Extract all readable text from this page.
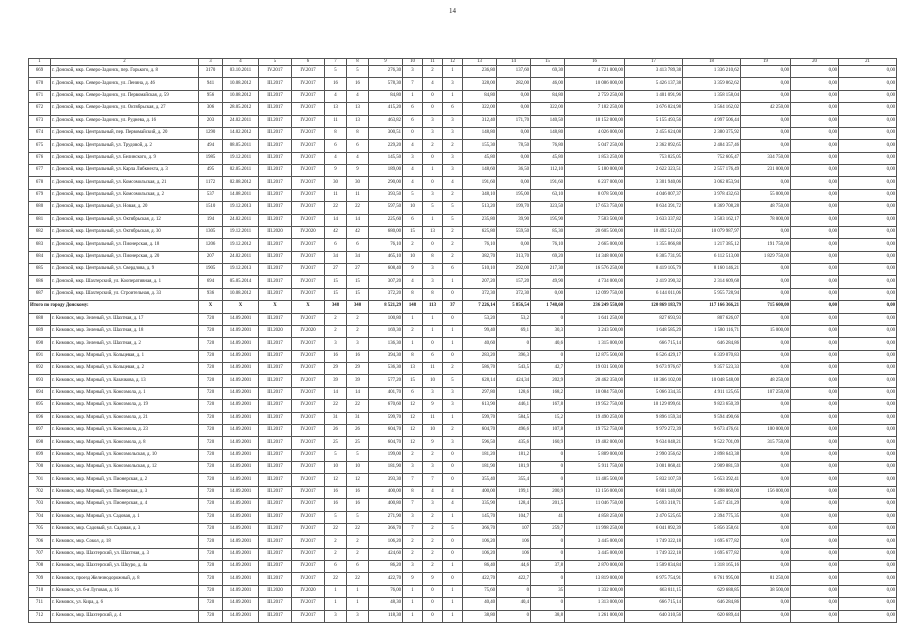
14
1	2	3	4	5	6	7	8	9	10	11	12	13	14	15	16	17	18	19	20	21
669	г. Донской, мкр. Северо-Задонск, пер. Горького, д. 8	3170	03.10.2011	IV.2017	IV.2017	5	5	276,30	3	2	1	236,80	137,60	69,30	4 721 000,00	3 413 789,38	1 336 210,62	0,00	0,00	0,00
670	г. Донской, мкр. Северо-Задонск, ул. Ленина, д. 46	941	10.08.2012	III.2017	IV.2017	16	16	578,30	7	4	3	328,00	282,00	46,00	10 086 000,00	5 426 137,38	3 359 862,62	0,00	0,00	0,00
671	г. Донской, мкр. Северо-Задонск, ул. Первомайская, д. 59	956	10.08.2012	III.2017	IV.2017	4	4	84,80	1	0	1	84,80	0,00	84,80	2 759 250,00	1 401 091,96	1 358 158,04	0,00	0,00	0,00
672	г. Донской, мкр. Северо-Задонск, ул. Октябрьская, д. 27	306	28.05.2012	III.2017	IV.2017	13	13	415,20	6	0	6	322,00	0,00	322,00	7 182 250,00	3 676 824,98	3 564 162,02	42 250,00	0,00	0,00
673	г. Донской, мкр. Северо-Задонск, ул. Руднева, д. 16	203	24.02.2011	III.2017	IV.2017	11	13	463,82	6	3	3	312,40	171,70	140,50	10 152 000,00	5 155 493,56	4 997 506,44	0,00	0,00	0,00
674	г. Донской, мкр. Центральный, пер. Первомайский, д. 20	1290	14.02.2012	III.2017	IV.2017	8	8	300,51	0	3	3	148,80	0,00	148,80	4 026 000,00	2 455 624,08	2 380 375,92	0,00	0,00	0,00
675	г. Донской, мкр. Центральный, ул. Трудовой, д. 2	494	08.05.2011	III.2017	IV.2017	6	6	229,20	4	2	2	155,30	78,50	76,80	5 047 250,00	2 362 892,65	2 484 357,46	0,00	0,00	0,00
676	г. Донской, мкр. Центральный, ул. Белинского, д. 9	1985	19.12.2011	III.2017	IV.2017	4	4	145,50	3	0	3	45,80	0,00	45,80	1 853 250,00	753 825,05	752 605,47	334 750,00	0,00	0,00
677	г. Донской, мкр. Центральный, ул. Карла Либкнехта, д. 3	495	02.05.2011	III.2017	IV.2017	9	9	189,00	4	1	3	148,60	36,50	112,10	5 180 000,00	2 622 323,51	2 557 176,49	231 000,00	0,00	0,00
678	г. Донской, мкр. Центральный, ул. Комсомольская, д. 21	1172	02.08.2012	III.2017	IV.2017	30	30	290,00	4	0	4	191,60	0,00	191,60	6 237 000,00	3 301 940,06	3 062 853,94	0,00	0,00	0,00
679	г. Донской, мкр. Центральный, ул. Комсомольская, д. 2	537	14.08.2011	III.2017	IV.2017	11	11	393,50	5	3	2	348,10	195,00	63,10	8 078 500,00	4 046 007,37	3 978 432,63	55 000,00	0,00	0,00
680	г. Донской, мкр. Центральный, ул. Новая, д. 20	1510	19.12.2013	III.2017	IV.2017	22	22	597,50	10	5	5	513,20	199,70	323,50	17 653 750,00	8 634 391,72	8 369 708,28	48 750,00	0,00	0,00
681	г. Донской, мкр. Центральный, ул. Октябрьская, д. 12	194	24.02.2011	III.2017	IV.2017	14	14	225,60	6	1	5	235,80	39,90	195,90	7 583 500,00	3 633 337,82	3 503 162,17	78 000,00	0,00	0,00
682	г. Донской, мкр. Центральный, ул. Октябрьская, д. 30	1305	19.12.2011	III.2020	IV.2020	42	42	680,00	15	13	2	625,80	559,50	85,30	20 605 500,00	10 492 512,03	10 079 987,97	0,00	0,00	0,00
683	г. Донской, мкр. Центральный, ул. Пионерская, д. 18	1206	19.12.2012	III.2017	IV.2017	6	6	76,10	2	0	2	76,10	0,00	76,10	2 665 000,00	1 355 866,88	1 217 385,12	191 750,00	0,00	0,00
684	г. Донской, мкр. Центральный, ул. Пионерская, д. 20	207	24.02.2011	III.2017	IV.2017	34	34	465,10	10	8	2	382,70	313,70	69,20	14 348 000,00	6 305 731,95	6 112 513,00	1 829 750,00	0,00	0,00
685	г. Донской, мкр. Центральный, ул. Свердлова, д. 9	1905	19.12.2013	III.2017	IV.2017	27	27	608,40	9	3	6	510,10	292,00	217,30	16 576 250,00	8 419 105,79	8 160 146,21	0,00	0,00	0,00
686	г. Донской, мкр. Шахтерский, ул. Кооперативная, д. 1	694	05.05.2014	III.2017	IV.2017	15	15	307,20	4	3	1	207,20	157,20	49,90	4 734 000,00	2 419 390,32	2 314 609,68	0,00	0,00	0,00
687	г. Донской, мкр. Шахтерский, ул. Строительная, д. 33	936	10.08.2012	III.2017	IV.2017	15	15	372,20	8	8	0	372,30	372,30	0,00	12 099 750,00	6 144 011,06	5 955 728,94	0,00	0,00	0,00
Итого по городу Донскому:		X	X	X	X	348	340	8 521,29	148	113	37	7 226,14	5 856,54	1 748,60	236 249 550,00	120 869 183,79	117 166 366,21	715 600,00	0,00	0,00
688	г. Кимовск, мкр. Зеленый, ул. Шахтная, д. 17	720	14.09.2001	III.2017	IV.2017	2	2	100,80	1	1	0	53,20	53,2	0	1 641 250,00	827 693,93	807 626,07	0,00	0,00	0,00
689	г. Кимовск, мкр. Зеленый, ул. Шахтная, д. 18	720	14.09.2001	III.2020	IV.2020	2	2	169,30	2	1	1	99,40	69,1	30,3	3 243 500,00	1 648 585,29	1 580 116,71	15 000,00	0,00	0,00
690	г. Кимовск, мкр. Зеленый, ул. Шахтная, д. 2	720	14.09.2001	III.2017	IV.2017	3	3	136,30	1	0	1	40,60	0	40,6	1 315 000,00	666 715,14	646 284,86	0,00	0,00	0,00
691	г. Кимовск, мкр. Мирный, ул. Кольцевая, д. 1	720	14.09.2001	III.2017	IV.2017	16	16	394,30	8	6	0	283,20	396,3	0	12 875 500,00	6 526 429,17	6 339 070,83	0,00	0,00	0,00
692	г. Кимовск, мкр. Мирный, ул. Кольцевая, д. 2	720	14.09.2001	III.2017	IV.2017	29	29	536,30	13	11	2	586,70	543,5	42,7	19 031 500,00	9 673 976,67	9 357 523,33	0,00	0,00	0,00
693	г. Кимовск, мкр. Мирный, ул. Казачкова, д. 13	720	14.09.2001	III.2017	IV.2017	39	39	577,20	15	10	5	628,14	424,34	202,9	20 462 350,00	10 366 102,00	10 048 548,00	48 250,00	0,00	0,00
694	г. Кимовск, мкр. Мирный, ул. Комсомола, д. 1	720	14.09.2001	III.2017	IV.2017	14	14	401,70	6	3	3	297,80	128,6	168,2	10 084 750,00	5 066 334,35	4 911 125,65	107 250,00	0,00	0,00
695	г. Кимовск, мкр. Мирный, ул. Комсомола, д. 19	720	14.09.2001	III.2017	IV.2017	22	22	670,60	12	9	3	613,90	446,1	167,8	19 952 750,00	10 129 099,61	9 823 650,39	0,00	0,00	0,00
696	г. Кимовск, мкр. Мирный, ул. Комсомола, д. 21	720	14.09.2001	III.2017	IV.2017	31	31	599,70	12	11	1	599,70	584,5	15,2	19 490 250,00	9 896 159,34	9 594 490,66	0,00	0,00	0,00
697	г. Кимовск, мкр. Мирный, ул. Комсомола, д. 23	720	14.09.2001	III.2017	IV.2017	26	26	604,70	12	10	2	604,70	496,6	107,8	19 752 750,00	9 979 272,39	9 673 476,61	100 000,00	0,00	0,00
698	г. Кимовск, мкр. Мирный, ул. Комсомола, д. 8	720	14.09.2001	III.2017	IV.2017	25	25	604,70	12	9	3	596,50	435,6	160,9	19 482 000,00	9 634 048,21	9 522 701,09	315 750,00	0,00	0,00
699	г. Кимовск, мкр. Мирный, ул. Комсомольская, д. 10	720	14.09.2001	III.2017	IV.2017	5	5	199,00	2	2	0	181,20	181,2	0	5 889 000,00	2 990 356,62	2 898 643,38	0,00	0,00	0,00
700	г. Кимовск, мкр. Мирный, ул. Комсомольская, д. 12	720	14.09.2001	III.2017	IV.2017	10	10	181,90	3	3	0	181,90	181,9	0	5 911 750,00	3 001 868,41	2 909 881,59	0,00	0,00	0,00
701	г. Кимовск, мкр. Мирный, ул. Пионерская, д. 2	720	14.09.2001	III.2017	IV.2017	12	12	393,30	7	7	0	355,40	355,4	0	11 485 500,00	5 832 107,59	5 653 392,41	0,00	0,00	0,00
702	г. Кимовск, мкр. Мирный, ул. Пионерская, д. 3	720	14.09.2001	III.2017	IV.2017	16	16	400,00	8	4	4	400,00	199,1	200,9	13 156 000,00	6 601 140,00	6 398 860,00	156 000,00	0,00	0,00
703	г. Кимовск, мкр. Мирный, ул. Пионерская, д. 4	720	14.09.2001	III.2017	IV.2017	16	16	400,80	7	3	4	335,90	128,4	201,5	11 046 750,00	5 693 318,71	5 457 431,29	0,00	0,00	0,00
704	г. Кимовск, мкр. Мирный, ул. Садовая, д. 1	720	14.09.2001	III.2017	IV.2017	5	5	271,90	3	2	1	145,70	104,7	41	4 858 250,00	2 470 525,65	2 394 775,35	0,00	0,00	0,00
705	г. Кимовск, мкр. Садовый, ул. Садовая, д. 3	720	14.09.2001	III.2017	IV.2017	22	22	366,70	7	2	5	366,70	107	259,7	11 998 250,00	6 041 892,39	5 856 358,61	0,00	0,00	0,00
706	г. Кимовск, мкр. Сокол, д. 18	720	14.09.2001	III.2017	IV.2017	2	2	106,20	2	2	0	106,20	106	0	3 445 000,00	1 749 322,18	1 695 677,82	0,00	0,00	0,00
707	г. Кимовск, мкр. Шахтерский, ул. Шахтная, д. 3	720	14.09.2001	III.2017	IV.2017	2	2	424,60	2	2	0	106,20	106	0	3 445 000,00	1 749 322,18	1 695 677,82	0,00	0,00	0,00
708	г. Кимовск, мкр. Шахтерский, ул. Шкуро, д. 4а	720	14.09.2001	III.2017	IV.2017	6	6	86,20	3	2	1	86,40	44,6	37,8	2 870 000,00	1 509 834,84	1 318 165,16	0,00	0,00	0,00
709	г. Кимовск, проезд Железнодорожный, д. 8	720	14.09.2001	III.2017	IV.2017	22	22	422,70	9	9	0	422,70	422,7	0	13 819 000,00	6 975 754,91	6 761 995,00	81 250,00	0,00	0,00
710	г. Кимовск, ул. 6-я Луговая, д. 16	720	14.09.2001	III.2020	IV.2020	1	1	76,00	1	0	1	75,60	0	35	1 332 000,00	663 811,15	629 688,85	38 500,00	0,00	0,00
711	г. Кимовск, ул. Кира, д. 6	720	14.09.2001	III.2017	IV.2017	1	1	48,30	1	0	1	40,40	40,4	0	1 313 000,00	666 715,14	646 284,86	0,00	0,00	0,00
712	г. Кимовск, мкр. Шахтерский, д. 4	720	14.09.2001	III.2017	IV.2017	3	3	118,30	1	0	1	38,80	0	38,8	1 261 000,00	640 310,56	620 689,44	0,00	0,00	0,00
